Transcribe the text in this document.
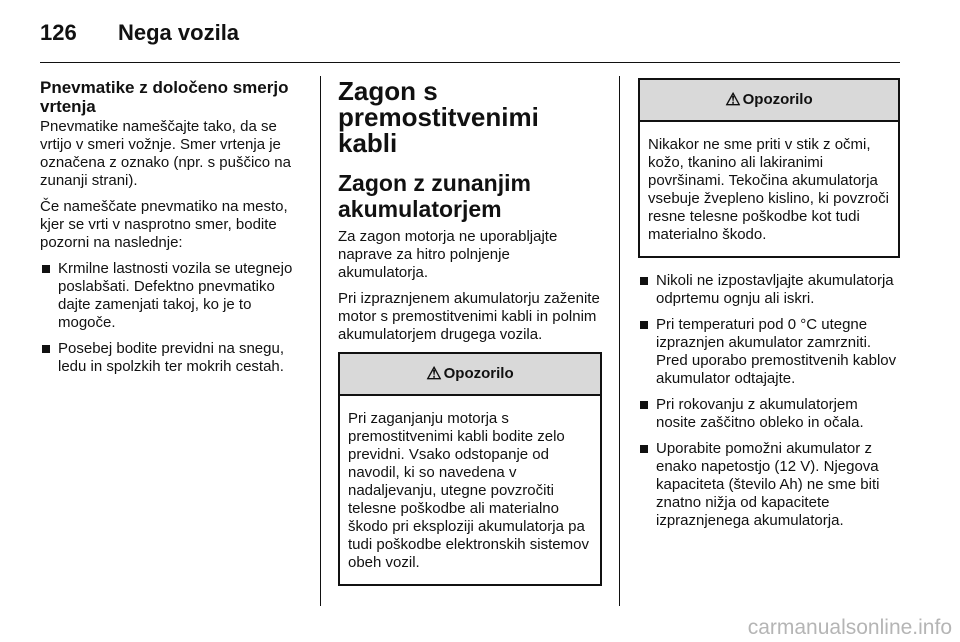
126 Nega vozila
Pnevmatike z določeno smerjo vrtenja

Pnevmatike nameščajte tako, da se vrtijo v smeri vožnje. Smer vrtenja je označena z oznako (npr. s puščico na zunanji strani).

Če nameščate pnevmatiko na mesto, kjer se vrti v nasprotno smer, bodite pozorni na naslednje:

Krmilne lastnosti vozila se utegnejo poslabšati. Defektno pnevmatiko dajte zamenjati takoj, ko je to mogoče.
Posebej bodite previdni na snegu, ledu in spolzkih ter mokrih cestah.
Zagon s premostitvenimi kabli
Zagon z zunanjim akumulatorjem

Za zagon motorja ne uporabljajte naprave za hitro polnjenje akumulatorja.

Pri izpraznjenem akumulatorju zaženite motor s premostitvenimi kabli in polnim akumulatorjem drugega vozila.

⚠ Opozorilo
Pri zaganjanju motorja s premostitvenimi kabli bodite zelo previdni. Vsako odstopanje od navodil, ki so navedena v nadaljevanju, utegne povzročiti telesne poškodbe ali materialno škodo pri eksploziji akumulatorja pa tudi poškodbe elektronskih sistemov obeh vozil.
⚠ Opozorilo
Nikakor ne sme priti v stik z očmi, kožo, tkanino ali lakiranimi površinami. Tekočina akumulatorja vsebuje žvepleno kislino, ki povzroči resne telesne poškodbe kot tudi materialno škodo.
Nikoli ne izpostavljajte akumulatorja odprtemu ognju ali iskri.
Pri temperaturi pod 0 °C utegne izpraznjen akumulator zamrzniti. Pred uporabo premostitvenih kablov akumulator odtajajte.
Pri rokovanju z akumulatorjem nosite zaščitno obleko in očala.
Uporabite pomožni akumulator z enako napetostjo (12 V). Njegova kapaciteta (število Ah) ne sme biti znatno nižja od kapacitete izpraznjenega akumulatorja.
carmanualsonline.info
